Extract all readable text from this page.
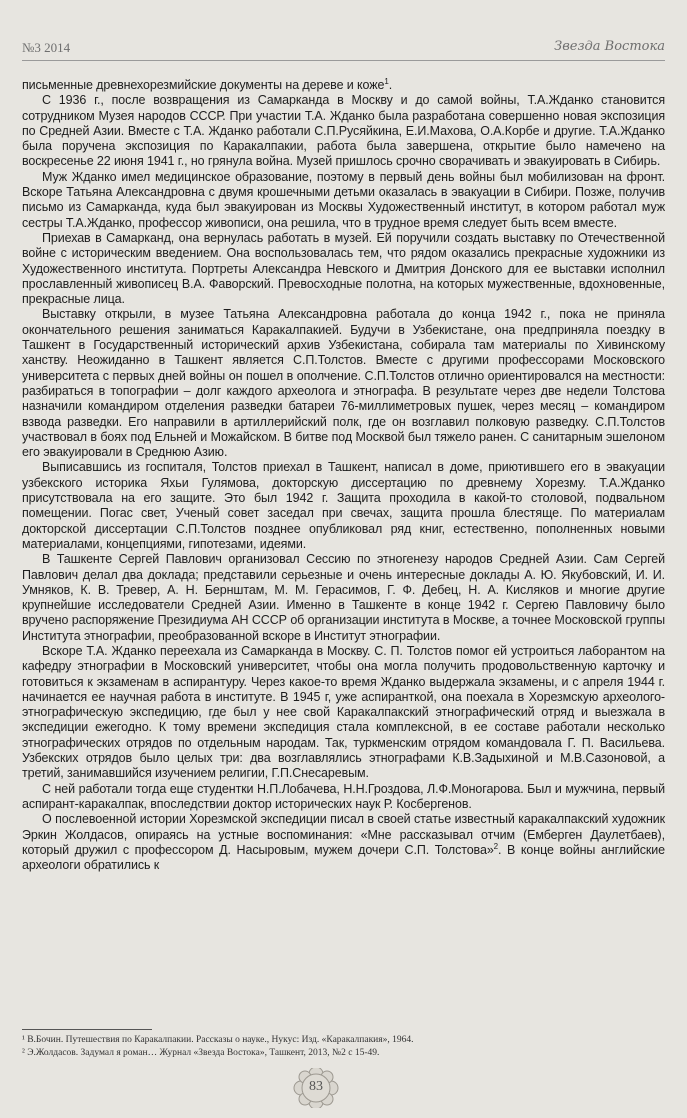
№3 2014	Звезда Востока

письменные древнехорезмийские документы на дереве и коже$^1$.

С 1936 г., после возвращения из Самарканда в Москву и до самой войны, Т.А.Жданко становится сотрудником Музея народов СССР. При участии Т.А. Жданко была разработана совершенно новая экспозиция по Средней Азии. Вместе с Т.А. Жданко работали С.П.Русяйкина, Е.И.Махова, О.А.Корбе и другие. Т.А.Жданко была поручена экспозиция по Каракалпакии, работа была завершена, открытие было намечено на воскресенье 22 июня 1941 г., но грянула война. Музей пришлось срочно сворачивать и эвакуировать в Сибирь.

Муж Жданко имел медицинское образование, поэтому в первый день войны был мобилизован на фронт. Вскоре Татьяна Александровна с двумя крошечными детьми оказалась в эвакуации в Сибири. Позже, получив письмо из Самарканда, куда был эвакуирован из Москвы Художественный институт, в котором работал муж сестры Т.А.Жданко, профессор живописи, она решила, что в трудное время следует быть всем вместе.

Приехав в Самарканд, она вернулась работать в музей. Ей поручили создать выставку по Отечественной войне с историческим введением. Она воспользовалась тем, что рядом оказались прекрасные художники из Художественного института. Портреты Александра Невского и Дмитрия Донского для ее выставки исполнил прославленный живописец В.А. Фаворский. Превосходные полотна, на которых мужественные, вдохновенные, прекрасные лица.

Выставку открыли, в музее Татьяна Александровна работала до конца 1942 г., пока не приняла окончательного решения заниматься Каракалпакией. Будучи в Узбекистане, она предприняла поездку в Ташкент в Государственный исторический архив Узбекистана, собирала там материалы по Хивинскому ханству. Неожиданно в Ташкент является С.П.Толстов. Вместе с другими профессорами Московского университета с первых дней войны он пошел в ополчение. С.П.Толстов отлично ориентировался на местности: разбираться в топографии – долг каждого археолога и этнографа. В результате через две недели Толстова назначили командиром отделения разведки батареи 76-миллиметровых пушек, через месяц – командиром взвода разведки. Его направили в артиллерийский полк, где он возглавил полковую разведку. С.П.Толстов участвовал в боях под Ельней и Можайском. В битве под Москвой был тяжело ранен. С санитарным эшелоном его эвакуировали в Среднюю Азию.

Выписавшись из госпиталя, Толстов приехал в Ташкент, написал в доме, приютившего его в эвакуации узбекского историка Яхьи Гулямова, докторскую диссертацию по древнему Хорезму. Т.А.Жданко присутствовала на его защите. Это был 1942 г. Защита проходила в какой-то столовой, подвальном помещении. Погас свет, Ученый совет заседал при свечах, защита прошла блестяще. По материалам докторской диссертации С.П.Толстов позднее опубликовал ряд книг, естественно, пополненных новыми материалами, концепциями, гипотезами, идеями.

В Ташкенте Сергей Павлович организовал Сессию по этногенезу народов Средней Азии. Сам Сергей Павлович делал два доклада; представили серьезные и очень интересные доклады А. Ю. Якубовский, И. И. Умняков, К. В. Тревер, А. Н. Бернштам, М. М. Герасимов, Г. Ф. Дебец, Н. А. Кисляков и многие другие крупнейшие исследователи Средней Азии. Именно в Ташкенте в конце 1942 г. Сергею Павловичу было вручено распоряжение Президиума АН СССР об организации института в Москве, а точнее Московской группы Института этнографии, преобразованной вскоре в Институт этнографии.

Вскоре Т.А. Жданко переехала из Самарканда в Москву. С. П. Толстов помог ей устроиться лаборантом на кафедру этнографии в Московский университет, чтобы она могла получить продовольственную карточку и готовиться к экзаменам в аспирантуру. Через какое-то время Жданко выдержала экзамены, и с апреля 1944 г. начинается ее научная работа в институте. В 1945 г, уже аспиранткой, она поехала в Хорезмскую археолого-этнографическую экспедицию, где был у нее свой Каракалпакский этнографический отряд и выезжала в экспедиции ежегодно. К тому времени экспедиция стала комплексной, в ее составе работали несколько этнографических отрядов по отдельным народам. Так, туркменским отрядом командовала Г. П. Васильева. Узбекских отрядов было целых три: два возглавлялись этнографами К.В.Задыхиной и М.В.Сазоновой, а третий, занимавшийся изучением религии, Г.П.Снесаревым.

С ней работали тогда еще студентки Н.П.Лобачева, Н.Н.Гроздова, Л.Ф.Моногарова. Был и мужчина, первый аспирант-каракалпак, впоследствии доктор исторических наук Р. Косбергенов.

О послевоенной истории Хорезмской экспедиции писал в своей статье известный каракалпакский художник Эркин Жолдасов, опираясь на устные воспоминания: «Мне рассказывал отчим (Емберген Даулетбаев), который дружил с профессором Д. Насыровым, мужем дочери С.П. Толстова»$^2$. В конце войны английские археологи обратились к

¹ В.Бочин. Путешествия по Каракалпакии. Рассказы о науке., Нукус: Изд. «Каракалпакия», 1964.
² Э.Жолдасов. Задумал я роман… Журнал «Звезда Востока», Ташкент, 2013, №2 с 15-49.
83
